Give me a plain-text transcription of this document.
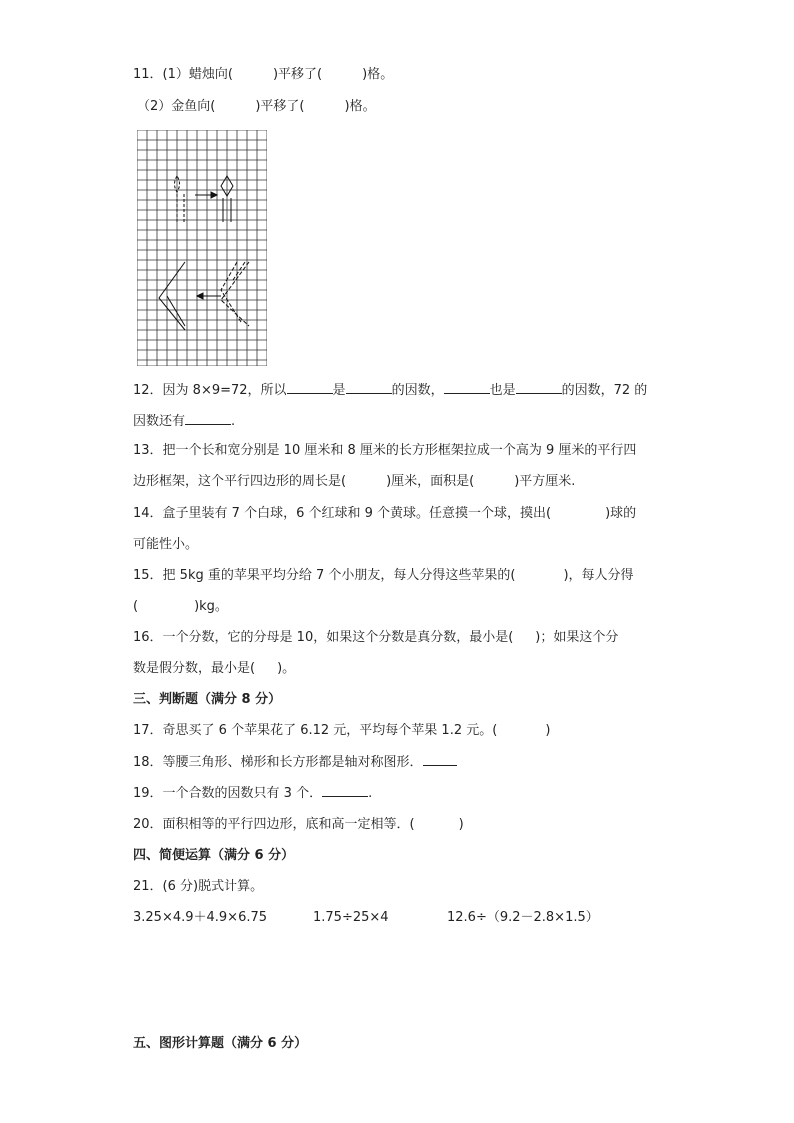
11．(1）蜡烛向(	)平移了(	)格。
（2）金鱼向(	)平移了(	)格。
12．因为 8×9=72，所以	是	的因数，	也是	的因数，72 的
因数还有	.
13．把一个长和宽分别是 10 厘米和 8 厘米的长方形框架拉成一个高为 9 厘米的平行四
边形框架，这个平行四边形的周长是(	)厘米，面积是(	)平方厘米.
14．盒子里装有 7 个白球，6 个红球和 9 个黄球。任意摸一个球，摸出(	)球的
可能性小。
15．把 5kg 重的苹果平均分给 7 个小朋友，每人分得这些苹果的(	)，每人分得
(	)kg。
16．一个分数，它的分母是 10，如果这个分数是真分数，最小是( )；如果这个分
数是假分数，最小是( )。
三、判断题（满分 8 分）
17．奇思买了 6 个苹果花了 6.12 元，平均每个苹果 1.2 元。(	)
18．等腰三角形、梯形和长方形都是轴对称图形．
19．一个合数的因数只有 3 个．	.
20．面积相等的平行四边形，底和高一定相等．(	)
四、简便运算（满分 6 分）
21．(6 分)脱式计算。
3.25×4.9＋4.9×6.75	1.75÷25×4	12.6÷（9.2－2.8×1.5）
五、图形计算题（满分 6 分）
